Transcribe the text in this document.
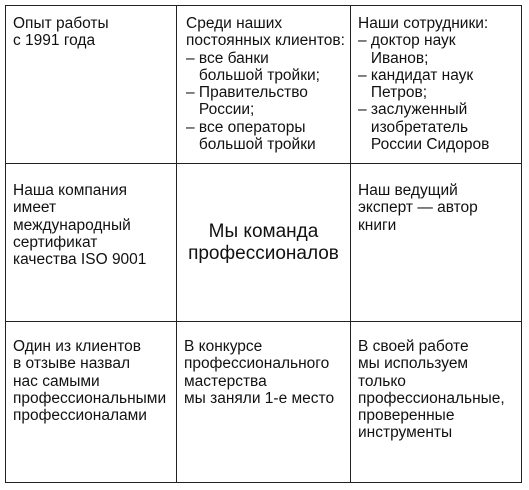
Опыт работы
с 1991 года
Среди наших
постоянных клиентов:
– все банки
большой тройки;
– Правительство
России;
– все операторы
большой тройки
Наши сотрудники:
– доктор наук
Иванов;
– кандидат наук
Петров;
– заслуженный
изобретатель
России Сидоров
Наша компания
имеет
международный
сертификат
качества ISO 9001
Мы команда
профессионалов
Наш ведущий
эксперт — автор
книги
Один из клиентов
в отзыве назвал
нас самыми
профессиональными
профессионалами
В конкурсе
профессионального
мастерства
мы заняли 1-е место
В своей работе
мы используем
только
профессиональные,
проверенные
инструменты
